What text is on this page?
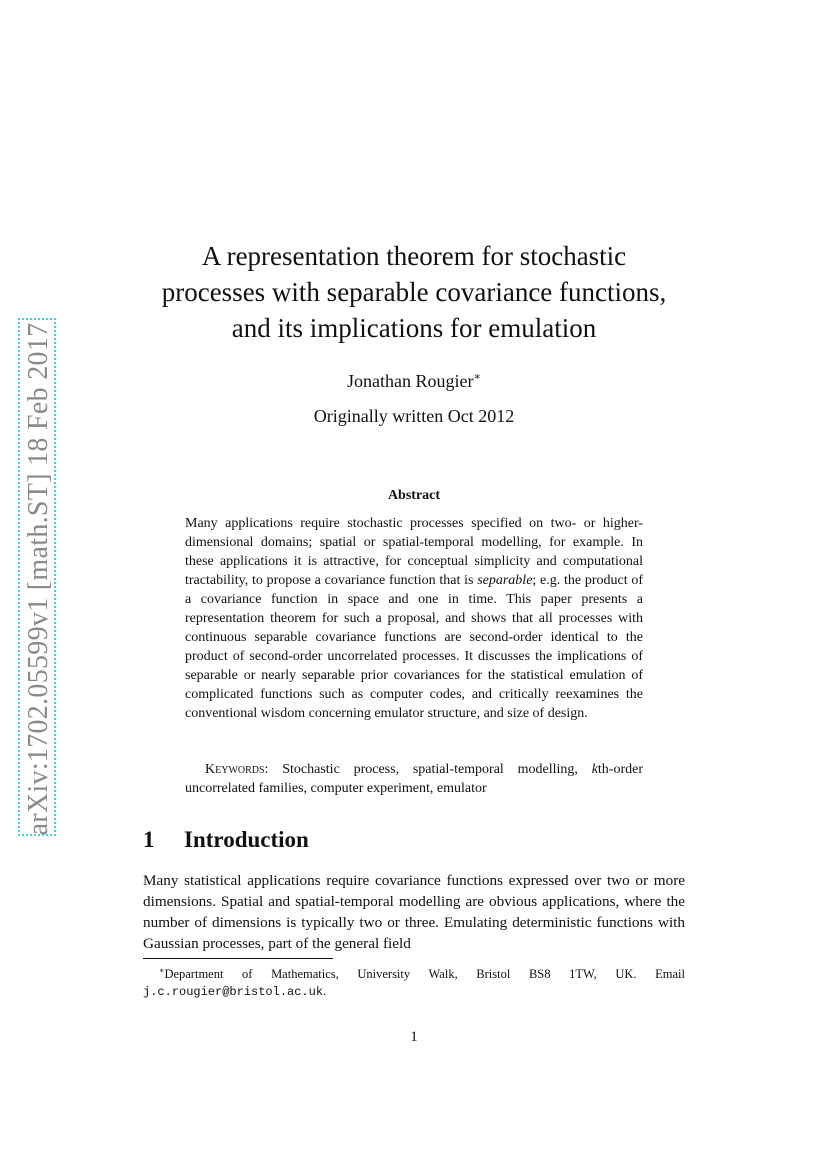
arXiv:1702.05599v1 [math.ST] 18 Feb 2017
A representation theorem for stochastic
processes with separable covariance functions,
and its implications for emulation
Jonathan Rougier∗
Originally written Oct 2012
Abstract

Many applications require stochastic processes specified on two- or higher-dimensional domains; spatial or spatial-temporal modelling, for example. In these applications it is attractive, for conceptual simplicity and computational tractability, to propose a covariance function that is separable; e.g. the product of a covariance function in space and one in time. This paper presents a representation theorem for such a proposal, and shows that all processes with continuous separable covariance functions are second-order identical to the product of second-order uncorrelated processes. It discusses the implications of separable or nearly separable prior covariances for the statistical emulation of complicated functions such as computer codes, and critically reexamines the conventional wisdom concerning emulator structure, and size of design.

Keywords: Stochastic process, spatial-temporal modelling, kth-order uncorrelated families, computer experiment, emulator

1 Introduction

Many statistical applications require covariance functions expressed over two or more dimensions. Spatial and spatial-temporal modelling are obvious applications, where the number of dimensions is typically two or three. Emulating deterministic functions with Gaussian processes, part of the general field

∗Department of Mathematics, University Walk, Bristol BS8 1TW, UK. Email j.c.rougier@bristol.ac.uk.

1
